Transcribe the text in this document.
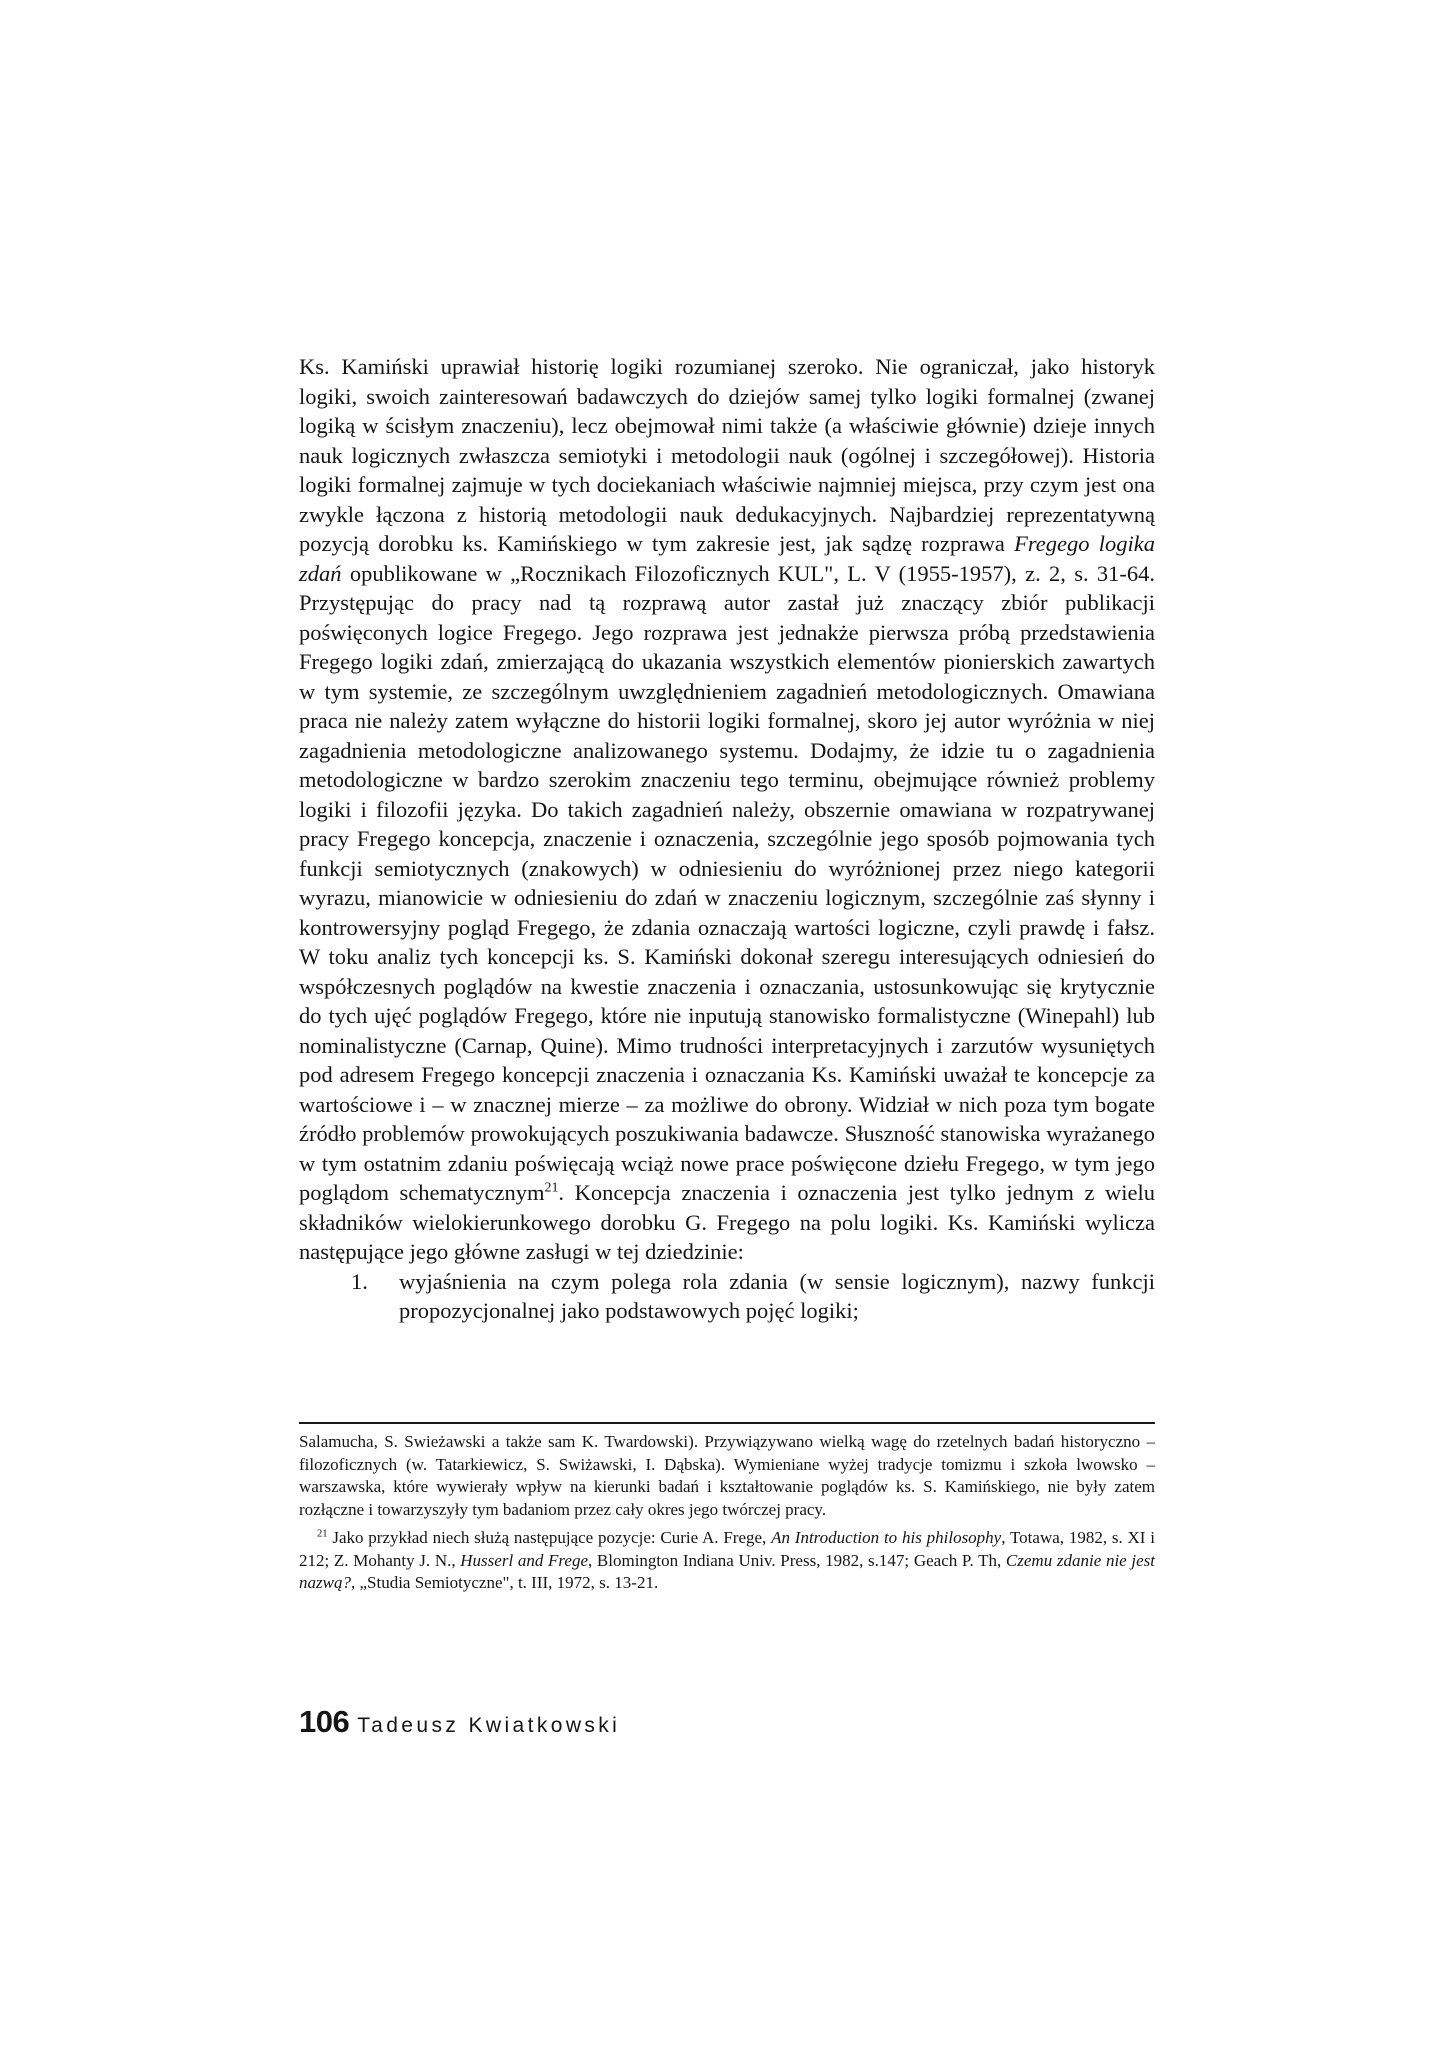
Ks. Kamiński uprawiał historię logiki rozumianej szeroko. Nie ograniczał, jako historyk logiki, swoich zainteresowań badawczych do dziejów samej tylko logiki formalnej (zwanej logiką w ścisłym znaczeniu), lecz obejmował nimi także (a właściwie głównie) dzieje innych nauk logicznych zwłaszcza semiotyki i metodologii nauk (ogólnej i szczegółowej). Historia logiki formalnej zajmuje w tych dociekaniach właściwie najmniej miejsca, przy czym jest ona zwykle łączona z historią metodologii nauk dedukacyjnych. Najbardziej reprezentatywną pozycją dorobku ks. Kamińskiego w tym zakresie jest, jak sądzę rozprawa Fregego logika zdań opublikowane w „Rocznikach Filozoficznych KUL", L. V (1955-1957), z. 2, s. 31-64. Przystępując do pracy nad tą rozprawą autor zastał już znaczący zbiór publikacji poświęconych logice Fregego. Jego rozprawa jest jednakże pierwsza próbą przedstawienia Fregego logiki zdań, zmierzającą do ukazania wszystkich elementów pionierskich zawartych w tym systemie, ze szczególnym uwzględnieniem zagadnień metodologicznych. Omawiana praca nie należy zatem wyłączne do historii logiki formalnej, skoro jej autor wyróżnia w niej zagadnienia metodologiczne analizowanego systemu. Dodajmy, że idzie tu o zagadnienia metodologiczne w bardzo szerokim znaczeniu tego terminu, obejmujące również problemy logiki i filozofii języka. Do takich zagadnień należy, obszernie omawiana w rozpatrywanej pracy Fregego koncepcja, znaczenie i oznaczenia, szczególnie jego sposób pojmowania tych funkcji semiotycznych (znakowych) w odniesieniu do wyróżnionej przez niego kategorii wyrazu, mianowicie w odniesieniu do zdań w znaczeniu logicznym, szczególnie zaś słynny i kontrowersyjny pogląd Fregego, że zdania oznaczają wartości logiczne, czyli prawdę i fałsz. W toku analiz tych koncepcji ks. S. Kamiński dokonał szeregu interesujących odniesień do współczesnych poglądów na kwestie znaczenia i oznaczania, ustosunkowując się krytycznie do tych ujęć poglądów Fregego, które nie inputują stanowisko formalistyczne (Winepahl) lub nominalistyczne (Carnap, Quine). Mimo trudności interpretacyjnych i zarzutów wysuniętych pod adresem Fregego koncepcji znaczenia i oznaczania Ks. Kamiński uważał te koncepcje za wartościowe i – w znacznej mierze – za możliwe do obrony. Widział w nich poza tym bogate źródło problemów prowokujących poszukiwania badawcze. Słuszność stanowiska wyrażanego w tym ostatnim zdaniu poświęcają wciąż nowe prace poświęcone dziełu Fregego, w tym jego poglądom schematycznym$^{21}$. Koncepcja znaczenia i oznaczenia jest tylko jednym z wielu składników wielokierunkowego dorobku G. Fregego na polu logiki. Ks. Kamiński wylicza następujące jego główne zasługi w tej dziedzinie:

1.	wyjaśnienia na czym polega rola zdania (w sensie logicznym), nazwy funkcji propozycjonalnej jako podstawowych pojęć logiki;

Salamucha, S. Swieżawski a także sam K. Twardowski). Przywiązywano wielką wagę do rzetelnych badań historyczno – filozoficznych (w. Tatarkiewicz, S. Swiżawski, I. Dąbska). Wymieniane wyżej tradycje tomizmu i szkoła lwowsko – warszawska, które wywierały wpływ na kierunki badań i kształtowanie poglądów ks. S. Kamińskiego, nie były zatem rozłączne i towarzyszyły tym badaniom przez cały okres jego twórczej pracy.

$^{21}$ Jako przykład niech służą następujące pozycje: Curie A. Frege, An Introduction to his philosophy, Totawa, 1982, s. XI i 212; Z. Mohanty J. N., Husserl and Frege, Blomington Indiana Univ. Press, 1982, s.147; Geach P. Th, Czemu zdanie nie jest nazwą?, „Studia Semiotyczne", t. III, 1972, s. 13-21.

106 Tadeusz Kwiatkowski
